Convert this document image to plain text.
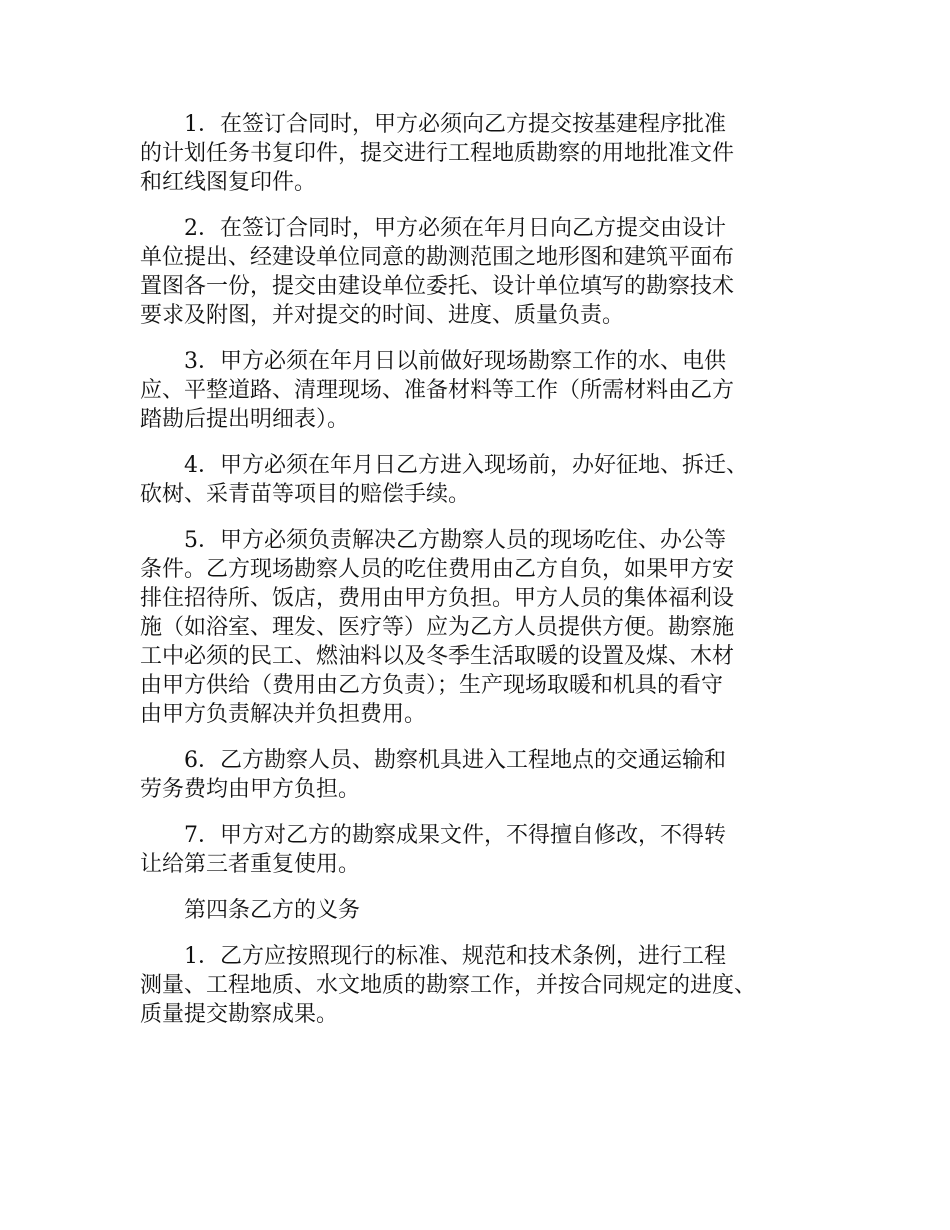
1．在签订合同时，甲方必须向乙方提交按基建程序批准
的计划任务书复印件，提交进行工程地质勘察的用地批准文件
和红线图复印件。
2．在签订合同时，甲方必须在年月日向乙方提交由设计
单位提出、经建设单位同意的勘测范围之地形图和建筑平面布
置图各一份，提交由建设单位委托、设计单位填写的勘察技术
要求及附图，并对提交的时间、进度、质量负责。
3．甲方必须在年月日以前做好现场勘察工作的水、电供
应、平整道路、清理现场、准备材料等工作（所需材料由乙方
踏勘后提出明细表）。
4．甲方必须在年月日乙方进入现场前，办好征地、拆迁、
砍树、采青苗等项目的赔偿手续。
5．甲方必须负责解决乙方勘察人员的现场吃住、办公等
条件。乙方现场勘察人员的吃住费用由乙方自负，如果甲方安
排住招待所、饭店，费用由甲方负担。甲方人员的集体福利设
施（如浴室、理发、医疗等）应为乙方人员提供方便。勘察施
工中必须的民工、燃油料以及冬季生活取暖的设置及煤、木材
由甲方供给（费用由乙方负责）；生产现场取暖和机具的看守
由甲方负责解决并负担费用。
6．乙方勘察人员、勘察机具进入工程地点的交通运输和
劳务费均由甲方负担。
7．甲方对乙方的勘察成果文件，不得擅自修改，不得转
让给第三者重复使用。
第四条乙方的义务
1．乙方应按照现行的标准、规范和技术条例，进行工程
测量、工程地质、水文地质的勘察工作，并按合同规定的进度、
质量提交勘察成果。
